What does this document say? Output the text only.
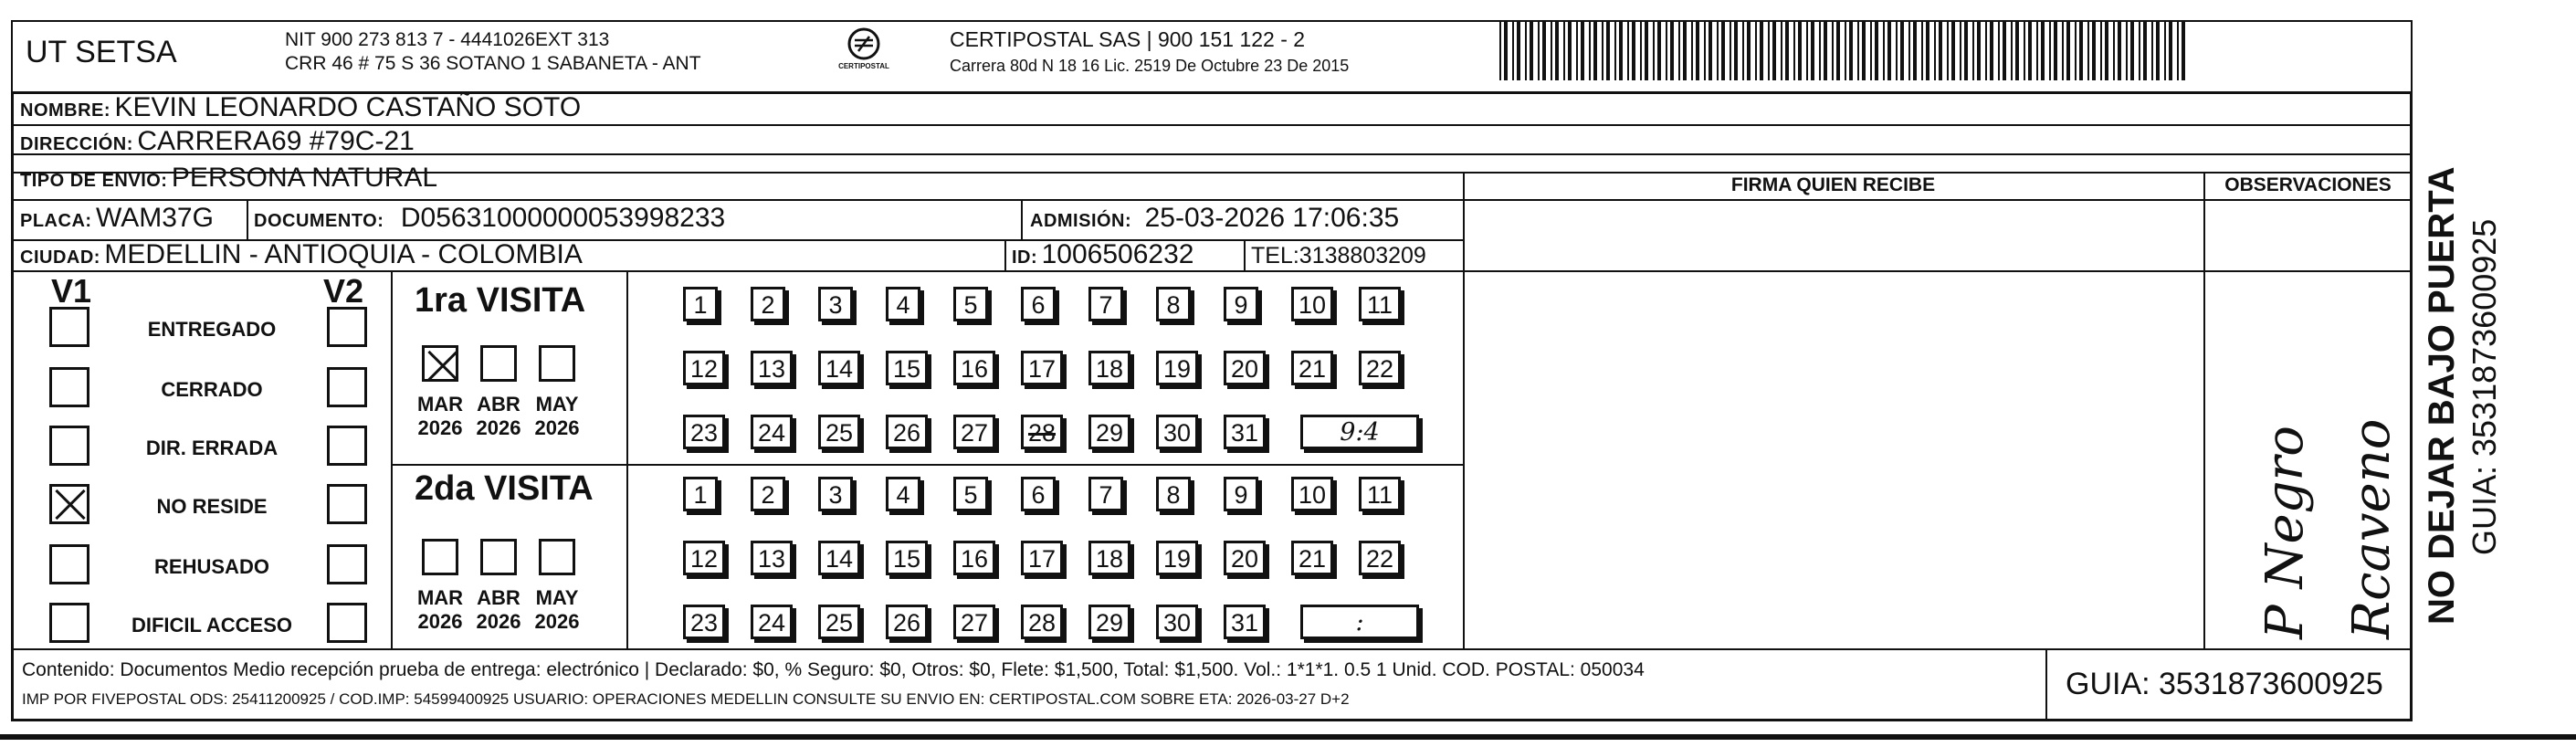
UT SETSA	NIT 900 273 813 7 - 4441026EXT 313
CRR 46 # 75 S 36 SOTANO 1 SABANETA - ANT	CERTIPOSTAL
CERTIPOSTAL SAS | 900 151 122 - 2
Carrera 80d N 18 16 Lic. 2519 De Octubre 23 De 2015
NOMBRE: KEVIN LEONARDO CASTAÑO SOTO
DIRECCIÓN: CARRERA69 #79C-21
TIPO DE ENVIO: PERSONA NATURAL	FIRMA QUIEN RECIBE	OBSERVACIONES
PLACA: WAM37G DOCUMENTO: D05631000000053998233	ADMISIÓN: 25-03-2026 17:06:35
CIUDAD: MEDELLIN - ANTIOQUIA - COLOMBIA	ID: 1006506232	TEL:3138803209
V1	V2
ENTREGADO
CERRADO
DIR. ERRADA
NO RESIDE
REHUSADO
DIFICIL ACCESO
1ra VISITA
2da VISITA
MAR
2026
ABR
2026
MAY
2026
MAR
2026
ABR
2026
MAY
2026
1	2	3	4	5	6	7	8	9	10	11
12 13 14 15 16 17 18 19 20 21 22
23 24 25 26 27 28 29 30 31	9:4
1	2	3	4	5	6	7	8	9	10	11
12 13 14 15 16 17 18 19 20 21 22
23 24 25 26 27 28 29 30 31	:	P Negro Rcaveno
Contenido: Documentos Medio recepción prueba de entrega: electrónico | Declarado: $0, % Seguro: $0, Otros: $0, Flete: $1,500, Total: $1,500. Vol.: 1*1*1. 0.5 1 Unid. COD. POSTAL: 050034
IMP POR FIVEPOSTAL ODS: 25411200925 / COD.IMP: 54599400925 USUARIO: OPERACIONES MEDELLIN CONSULTE SU ENVIO EN: CERTIPOSTAL.COM SOBRE ETA: 2026-03-27 D+2	GUIA: 3531873600925
NO DEJAR BAJO PUERTA GUIA: 3531873600925
